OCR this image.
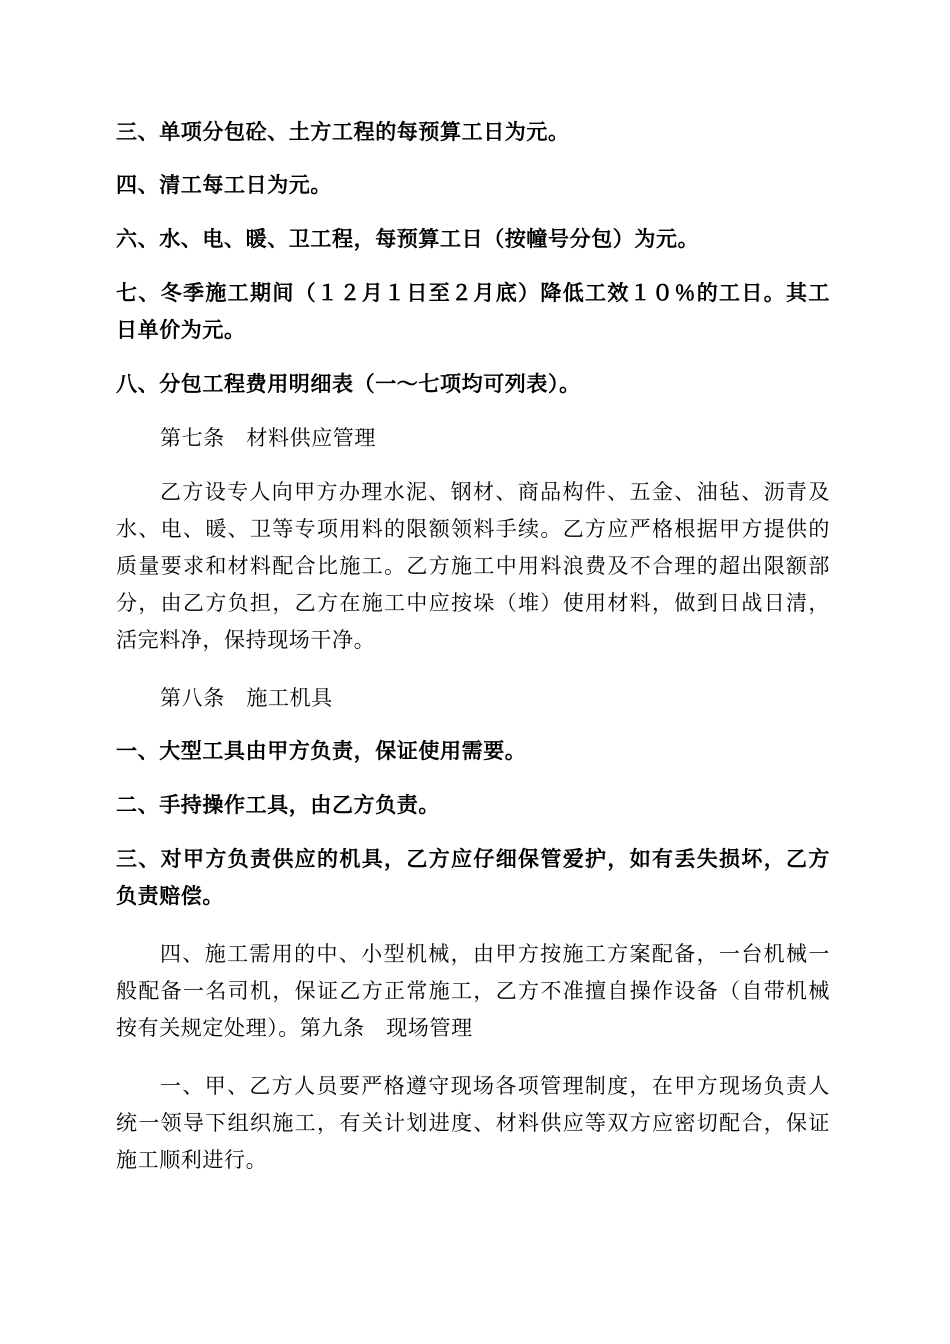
三、单项分包砼、土方工程的每预算工日为元。
四、清工每工日为元。
六、水、电、暖、卫工程，每预算工日（按幢号分包）为元。
七、冬季施工期间（１２月１日至２月底）降低工效１０％的工日。其工
日单价为元。
八、分包工程费用明细表（一～七项均可列表）。
第七条　材料供应管理
乙方设专人向甲方办理水泥、钢材、商品构件、五金、油毡、沥青及
水、电、暖、卫等专项用料的限额领料手续。乙方应严格根据甲方提供的
质量要求和材料配合比施工。乙方施工中用料浪费及不合理的超出限额部
分，由乙方负担，乙方在施工中应按垛（堆）使用材料，做到日战日清，
活完料净，保持现场干净。
第八条　施工机具
一、大型工具由甲方负责，保证使用需要。
二、手持操作工具，由乙方负责。
三、对甲方负责供应的机具，乙方应仔细保管爱护，如有丢失损坏，乙方
负责赔偿。
四、施工需用的中、小型机械，由甲方按施工方案配备，一台机械一
般配备一名司机，保证乙方正常施工，乙方不准擅自操作设备（自带机械
按有关规定处理）。第九条　现场管理
一、甲、乙方人员要严格遵守现场各项管理制度，在甲方现场负责人
统一领导下组织施工，有关计划进度、材料供应等双方应密切配合，保证
施工顺利进行。
